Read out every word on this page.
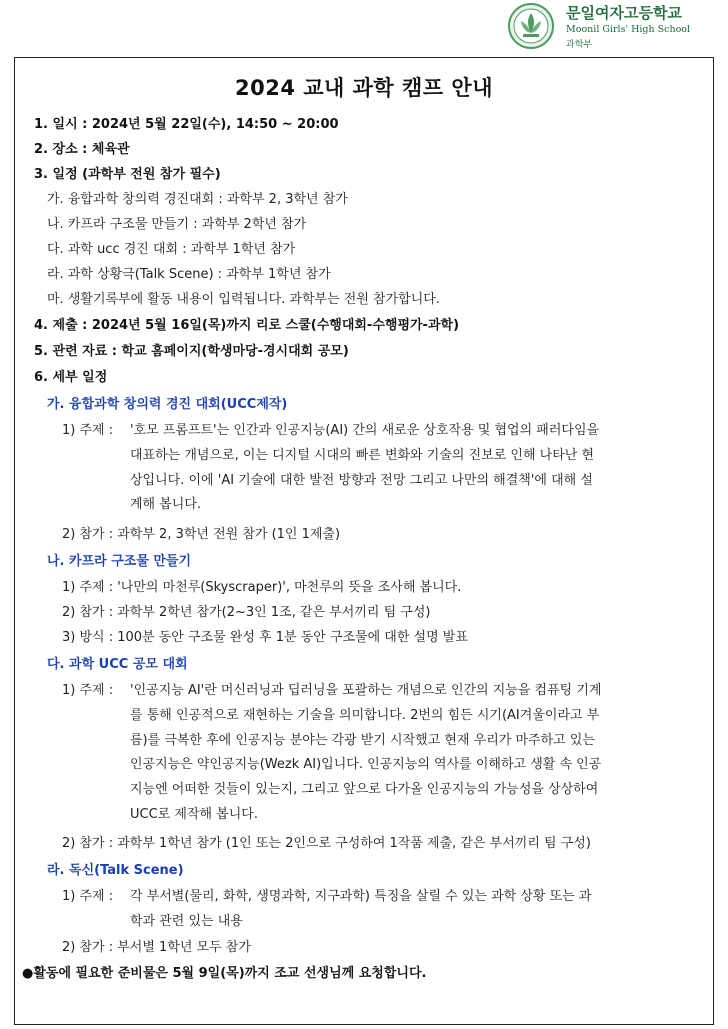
문일여자고등학교
Moonil Girls' High School
과학부
2024 교내 과학 캠프 안내
1. 일시 : 2024년 5월 22일(수), 14:50 ~ 20:00
2. 장소 : 체육관
3. 일정 (과학부 전원 참가 필수)
가. 융합과학 창의력 경진대회 : 과학부 2, 3학년 참가
나. 카프라 구조물 만들기 : 과학부 2학년 참가
다. 과학 ucc 경진 대회 : 과학부 1학년 참가
라. 과학 상황극(Talk Scene) : 과학부 1학년 참가
마. 생활기록부에 활동 내용이 입력됩니다. 과학부는 전원 참가합니다.
4. 제출 : 2024년 5월 16일(목)까지 리로 스쿨(수행대회-수행평가-과학)
5. 관련 자료 : 학교 홈페이지(학생마당-경시대회 공모)
6. 세부 일정
가. 융합과학 창의력 경진 대회(UCC제작)
1) 주제 : '호모 프롬프트'는 인간과 인공지능(AI) 간의 새로운 상호작용 및 협업의 패러다임을
대표하는 개념으로, 이는 디지털 시대의 빠른 변화와 기술의 진보로 인해 나타난 현
상입니다. 이에 'AI 기술에 대한 발전 방향과 전망 그리고 나만의 해결책'에 대해 설
계해 봅니다.
2) 참가 : 과학부 2, 3학년 전원 참가 (1인 1제출)
나. 카프라 구조물 만들기
1) 주제 : '나만의 마천루(Skyscraper)', 마천루의 뜻을 조사해 봅니다.
2) 참가 : 과학부 2학년 참가(2~3인 1조, 같은 부서끼리 팀 구성)
3) 방식 : 100분 동안 구조물 완성 후 1분 동안 구조물에 대한 설명 발표
다. 과학 UCC 공모 대회
1) 주제 : '인공지능 AI'란 머신러닝과 딥러닝을 포괄하는 개념으로 인간의 지능을 컴퓨팅 기계
를 통해 인공적으로 재현하는 기술을 의미합니다. 2번의 힘든 시기(AI겨울이라고 부
름)를 극복한 후에 인공지능 분야는 각광 받기 시작했고 현재 우리가 마주하고 있는
인공지능은 약인공지능(Wezk AI)입니다. 인공지능의 역사를 이해하고 생활 속 인공
지능엔 어떠한 것들이 있는지, 그리고 앞으로 다가올 인공지능의 가능성을 상상하여
UCC로 제작해 봅니다.
2) 참가 : 과학부 1학년 참가 (1인 또는 2인으로 구성하여 1작품 제출, 같은 부서끼리 팀 구성)
라. 독신(Talk Scene)
1) 주제 : 각 부서별(물리, 화학, 생명과학, 지구과학) 특징을 살릴 수 있는 과학 상황 또는 과
학과 관련 있는 내용
2) 참가 : 부서별 1학년 모두 참가
●활동에 필요한 준비물은 5월 9일(목)까지 조교 선생님께 요청합니다.
